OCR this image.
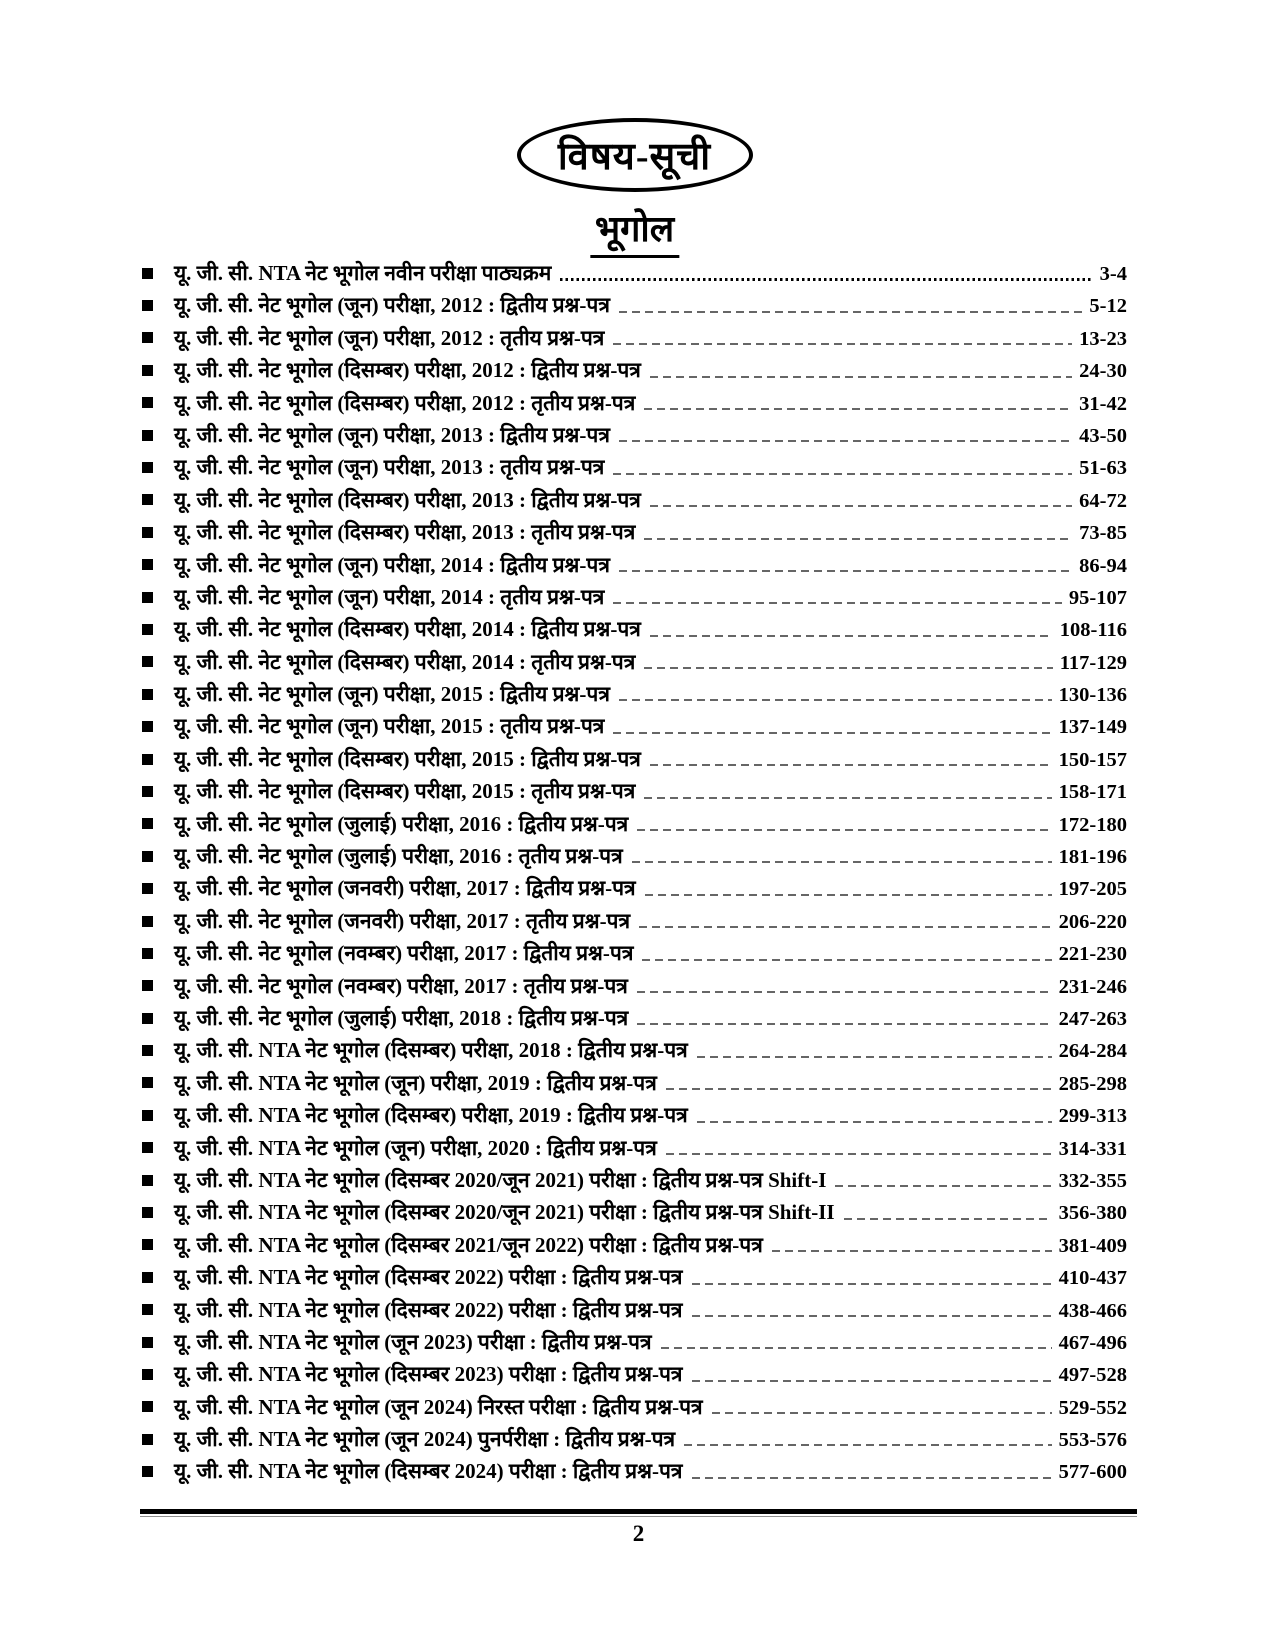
विषय-सूची
भूगोल
यू. जी. सी. NTA नेट भूगोल नवीन परीक्षा पाठ्यक्रम	3-4
यू. जी. सी. नेट भूगोल (जून) परीक्षा, 2012 : द्वितीय प्रश्न-पत्र	5-12
यू. जी. सी. नेट भूगोल (जून) परीक्षा, 2012 : तृतीय प्रश्न-पत्र	13-23
यू. जी. सी. नेट भूगोल (दिसम्बर) परीक्षा, 2012 : द्वितीय प्रश्न-पत्र	24-30
यू. जी. सी. नेट भूगोल (दिसम्बर) परीक्षा, 2012 : तृतीय प्रश्न-पत्र	31-42
यू. जी. सी. नेट भूगोल (जून) परीक्षा, 2013 : द्वितीय प्रश्न-पत्र	43-50
यू. जी. सी. नेट भूगोल (जून) परीक्षा, 2013 : तृतीय प्रश्न-पत्र	51-63
यू. जी. सी. नेट भूगोल (दिसम्बर) परीक्षा, 2013 : द्वितीय प्रश्न-पत्र	64-72
यू. जी. सी. नेट भूगोल (दिसम्बर) परीक्षा, 2013 : तृतीय प्रश्न-पत्र	73-85
यू. जी. सी. नेट भूगोल (जून) परीक्षा, 2014 : द्वितीय प्रश्न-पत्र	86-94
यू. जी. सी. नेट भूगोल (जून) परीक्षा, 2014 : तृतीय प्रश्न-पत्र	95-107
यू. जी. सी. नेट भूगोल (दिसम्बर) परीक्षा, 2014 : द्वितीय प्रश्न-पत्र	108-116
यू. जी. सी. नेट भूगोल (दिसम्बर) परीक्षा, 2014 : तृतीय प्रश्न-पत्र	117-129
यू. जी. सी. नेट भूगोल (जून) परीक्षा, 2015 : द्वितीय प्रश्न-पत्र	130-136
यू. जी. सी. नेट भूगोल (जून) परीक्षा, 2015 : तृतीय प्रश्न-पत्र	137-149
यू. जी. सी. नेट भूगोल (दिसम्बर) परीक्षा, 2015 : द्वितीय प्रश्न-पत्र	150-157
यू. जी. सी. नेट भूगोल (दिसम्बर) परीक्षा, 2015 : तृतीय प्रश्न-पत्र	158-171
यू. जी. सी. नेट भूगोल (जुलाई) परीक्षा, 2016 : द्वितीय प्रश्न-पत्र	172-180
यू. जी. सी. नेट भूगोल (जुलाई) परीक्षा, 2016 : तृतीय प्रश्न-पत्र	181-196
यू. जी. सी. नेट भूगोल (जनवरी) परीक्षा, 2017 : द्वितीय प्रश्न-पत्र	197-205
यू. जी. सी. नेट भूगोल (जनवरी) परीक्षा, 2017 : तृतीय प्रश्न-पत्र	206-220
यू. जी. सी. नेट भूगोल (नवम्बर) परीक्षा, 2017 : द्वितीय प्रश्न-पत्र	221-230
यू. जी. सी. नेट भूगोल (नवम्बर) परीक्षा, 2017 : तृतीय प्रश्न-पत्र	231-246
यू. जी. सी. नेट भूगोल (जुलाई) परीक्षा, 2018 : द्वितीय प्रश्न-पत्र	247-263
यू. जी. सी. NTA नेट भूगोल (दिसम्बर) परीक्षा, 2018 : द्वितीय प्रश्न-पत्र	264-284
यू. जी. सी. NTA नेट भूगोल (जून) परीक्षा, 2019 : द्वितीय प्रश्न-पत्र	285-298
यू. जी. सी. NTA नेट भूगोल (दिसम्बर) परीक्षा, 2019 : द्वितीय प्रश्न-पत्र	299-313
यू. जी. सी. NTA नेट भूगोल (जून) परीक्षा, 2020 : द्वितीय प्रश्न-पत्र	314-331
यू. जी. सी. NTA नेट भूगोल (दिसम्बर 2020/जून 2021) परीक्षा : द्वितीय प्रश्न-पत्र Shift-I	332-355
यू. जी. सी. NTA नेट भूगोल (दिसम्बर 2020/जून 2021) परीक्षा : द्वितीय प्रश्न-पत्र Shift-II	356-380
यू. जी. सी. NTA नेट भूगोल (दिसम्बर 2021/जून 2022) परीक्षा : द्वितीय प्रश्न-पत्र	381-409
यू. जी. सी. NTA नेट भूगोल (दिसम्बर 2022) परीक्षा : द्वितीय प्रश्न-पत्र	410-437
यू. जी. सी. NTA नेट भूगोल (दिसम्बर 2022) परीक्षा : द्वितीय प्रश्न-पत्र	438-466
यू. जी. सी. NTA नेट भूगोल (जून 2023) परीक्षा : द्वितीय प्रश्न-पत्र	467-496
यू. जी. सी. NTA नेट भूगोल (दिसम्बर 2023) परीक्षा : द्वितीय प्रश्न-पत्र	497-528
यू. जी. सी. NTA नेट भूगोल (जून 2024) निरस्त परीक्षा : द्वितीय प्रश्न-पत्र	529-552
यू. जी. सी. NTA नेट भूगोल (जून 2024) पुनर्परीक्षा : द्वितीय प्रश्न-पत्र	553-576
यू. जी. सी. NTA नेट भूगोल (दिसम्बर 2024) परीक्षा : द्वितीय प्रश्न-पत्र	577-600
2
